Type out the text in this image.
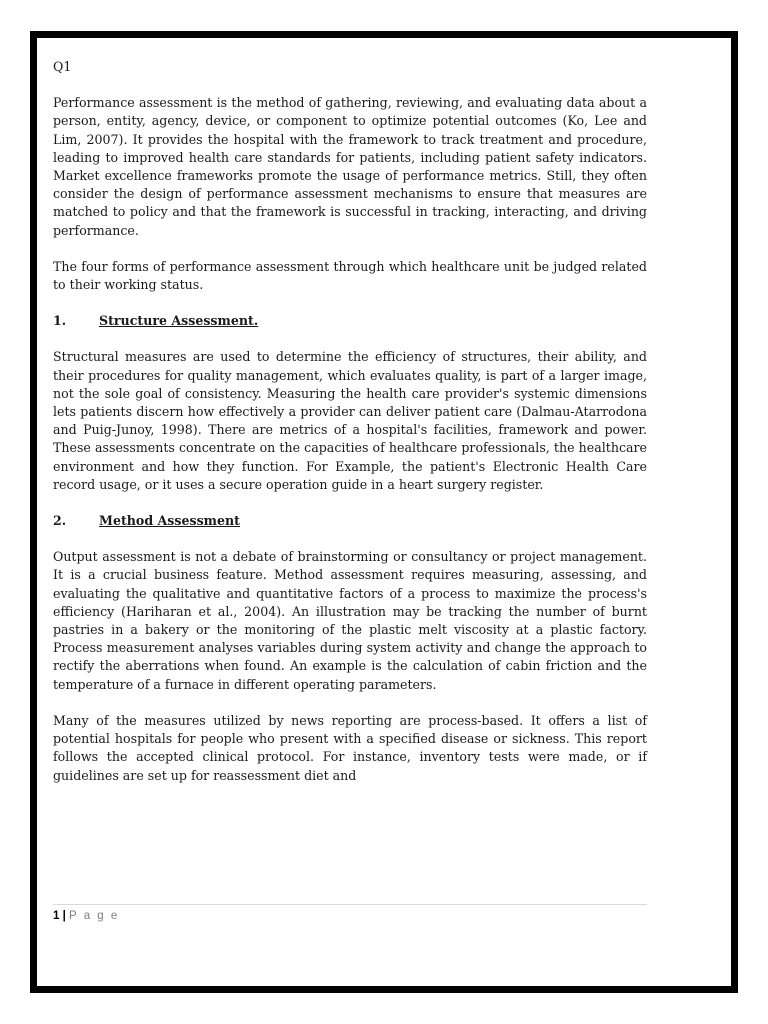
Q1

Performance assessment is the method of gathering, reviewing, and evaluating data about a person, entity, agency, device, or component to optimize potential outcomes (Ko, Lee and Lim, 2007). It provides the hospital with the framework to track treatment and procedure, leading to improved health care standards for patients, including patient safety indicators. Market excellence frameworks promote the usage of performance metrics. Still, they often consider the design of performance assessment mechanisms to ensure that measures are matched to policy and that the framework is successful in tracking, interacting, and driving performance.

The four forms of performance assessment through which healthcare unit be judged related to their working status.

1.	Structure Assessment.

Structural measures are used to determine the efficiency of structures, their ability, and their procedures for quality management, which evaluates quality, is part of a larger image, not the sole goal of consistency. Measuring the health care provider's systemic dimensions lets patients discern how effectively a provider can deliver patient care (Dalmau-Atarrodona and Puig-Junoy, 1998). There are metrics of a hospital's facilities, framework and power. These assessments concentrate on the capacities of healthcare professionals, the healthcare environment and how they function. For Example, the patient's Electronic Health Care record usage, or it uses a secure operation guide in a heart surgery register.

2.	Method Assessment

Output assessment is not a debate of brainstorming or consultancy or project management. It is a crucial business feature. Method assessment requires measuring, assessing, and evaluating the qualitative and quantitative factors of a process to maximize the process's efficiency (Hariharan et al., 2004). An illustration may be tracking the number of burnt pastries in a bakery or the monitoring of the plastic melt viscosity at a plastic factory. Process measurement analyses variables during system activity and change the approach to rectify the aberrations when found. An example is the calculation of cabin friction and the temperature of a furnace in different operating parameters.

Many of the measures utilized by news reporting are process-based. It offers a list of potential hospitals for people who present with a specified disease or sickness. This report follows the accepted clinical protocol. For instance, inventory tests were made, or if guidelines are set up for reassessment diet and

1 | P a g e
